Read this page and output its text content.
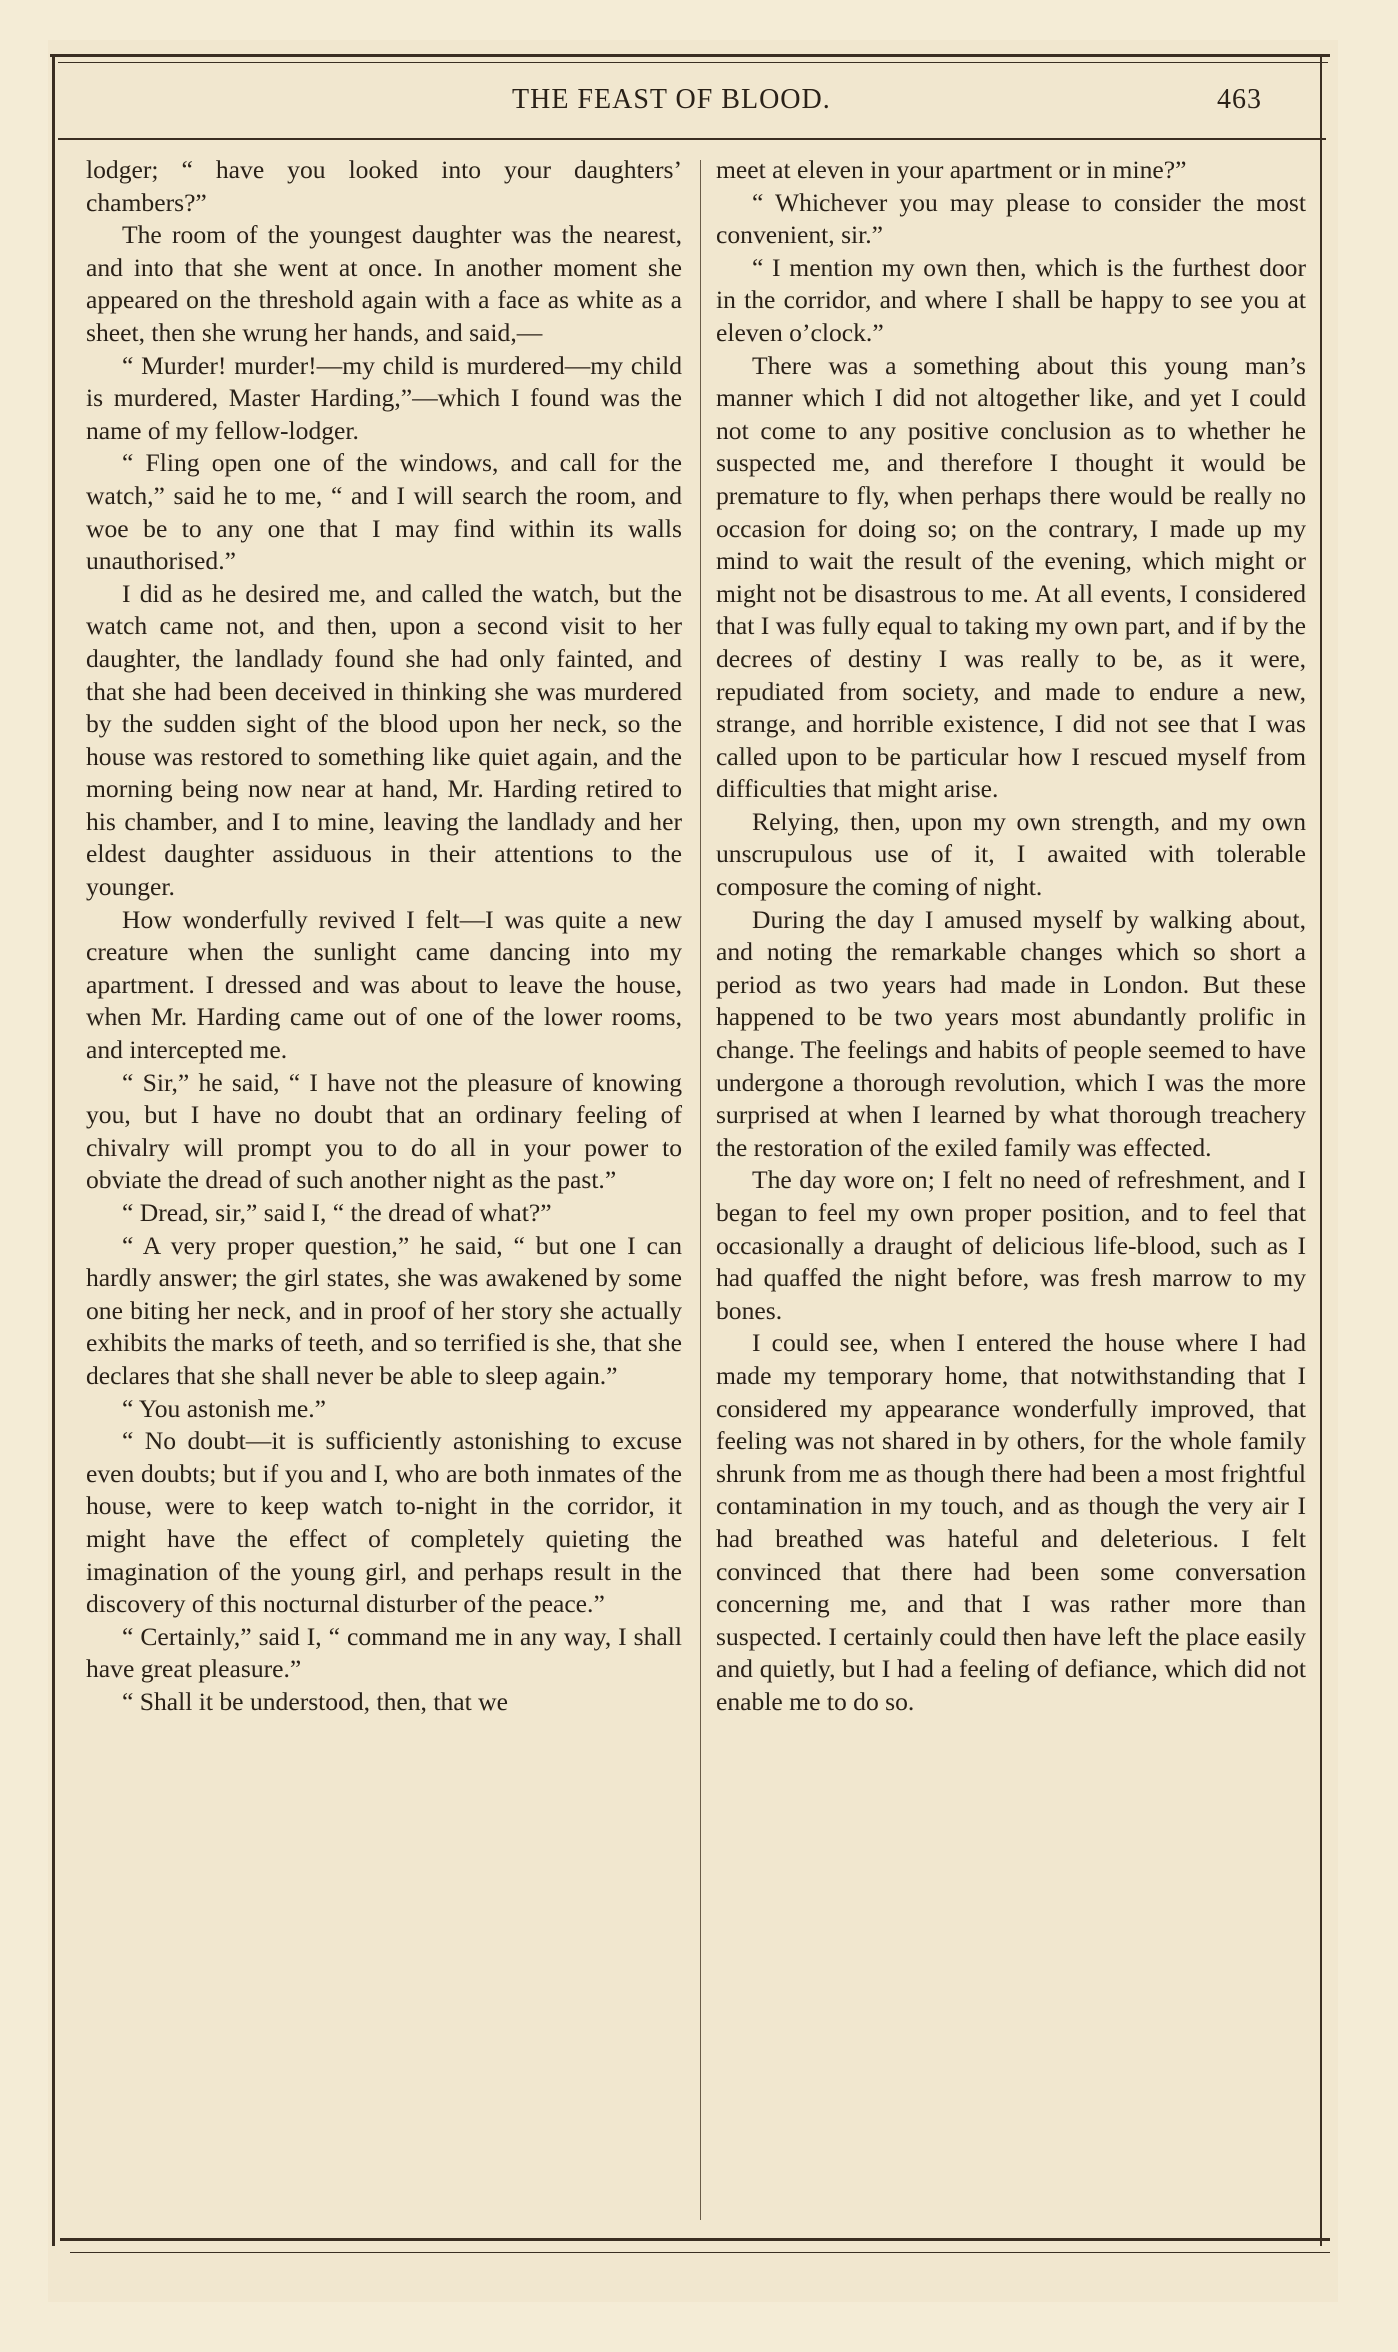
THE FEAST OF BLOOD.	463

lodger; “ have you looked into your daughters’ chambers?”

The room of the youngest daughter was the nearest, and into that she went at once. In another moment she appeared on the threshold again with a face as white as a sheet, then she wrung her hands, and said,—

“ Murder! murder!—my child is murdered—my child is murdered, Master Harding,”—which I found was the name of my fellow-lodger.

“ Fling open one of the windows, and call for the watch,” said he to me, “ and I will search the room, and woe be to any one that I may find within its walls unauthorised.”

I did as he desired me, and called the watch, but the watch came not, and then, upon a second visit to her daughter, the landlady found she had only fainted, and that she had been deceived in thinking she was murdered by the sudden sight of the blood upon her neck, so the house was restored to something like quiet again, and the morning being now near at hand, Mr. Harding retired to his chamber, and I to mine, leaving the landlady and her eldest daughter assiduous in their attentions to the younger.

How wonderfully revived I felt—I was quite a new creature when the sunlight came dancing into my apartment. I dressed and was about to leave the house, when Mr. Harding came out of one of the lower rooms, and intercepted me.

“ Sir,” he said, “ I have not the pleasure of knowing you, but I have no doubt that an ordinary feeling of chivalry will prompt you to do all in your power to obviate the dread of such another night as the past.”

“ Dread, sir,” said I, “ the dread of what?”

“ A very proper question,” he said, “ but one I can hardly answer; the girl states, she was awakened by some one biting her neck, and in proof of her story she actually exhibits the marks of teeth, and so terrified is she, that she declares that she shall never be able to sleep again.”

“ You astonish me.”

“ No doubt—it is sufficiently astonishing to excuse even doubts; but if you and I, who are both inmates of the house, were to keep watch to-night in the corridor, it might have the effect of completely quieting the imagination of the young girl, and perhaps result in the discovery of this nocturnal disturber of the peace.”

“ Certainly,” said I, “ command me in any way, I shall have great pleasure.”

“ Shall it be understood, then, that we

meet at eleven in your apartment or in mine?”

“ Whichever you may please to consider the most convenient, sir.”

“ I mention my own then, which is the furthest door in the corridor, and where I shall be happy to see you at eleven o’clock.”

There was a something about this young man’s manner which I did not altogether like, and yet I could not come to any positive conclusion as to whether he suspected me, and therefore I thought it would be premature to fly, when perhaps there would be really no occasion for doing so; on the contrary, I made up my mind to wait the result of the evening, which might or might not be disastrous to me. At all events, I considered that I was fully equal to taking my own part, and if by the decrees of destiny I was really to be, as it were, repudiated from society, and made to endure a new, strange, and horrible existence, I did not see that I was called upon to be particular how I rescued myself from difficulties that might arise.

Relying, then, upon my own strength, and my own unscrupulous use of it, I awaited with tolerable composure the coming of night.

During the day I amused myself by walking about, and noting the remarkable changes which so short a period as two years had made in London. But these happened to be two years most abundantly prolific in change. The feelings and habits of people seemed to have undergone a thorough revolution, which I was the more surprised at when I learned by what thorough treachery the restoration of the exiled family was effected.

The day wore on; I felt no need of refreshment, and I began to feel my own proper position, and to feel that occasionally a draught of delicious life-blood, such as I had quaffed the night before, was fresh marrow to my bones.

I could see, when I entered the house where I had made my temporary home, that notwithstanding that I considered my appearance wonderfully improved, that feeling was not shared in by others, for the whole family shrunk from me as though there had been a most frightful contamination in my touch, and as though the very air I had breathed was hateful and deleterious. I felt convinced that there had been some conversation concerning me, and that I was rather more than suspected. I certainly could then have left the place easily and quietly, but I had a feeling of defiance, which did not enable me to do so.
